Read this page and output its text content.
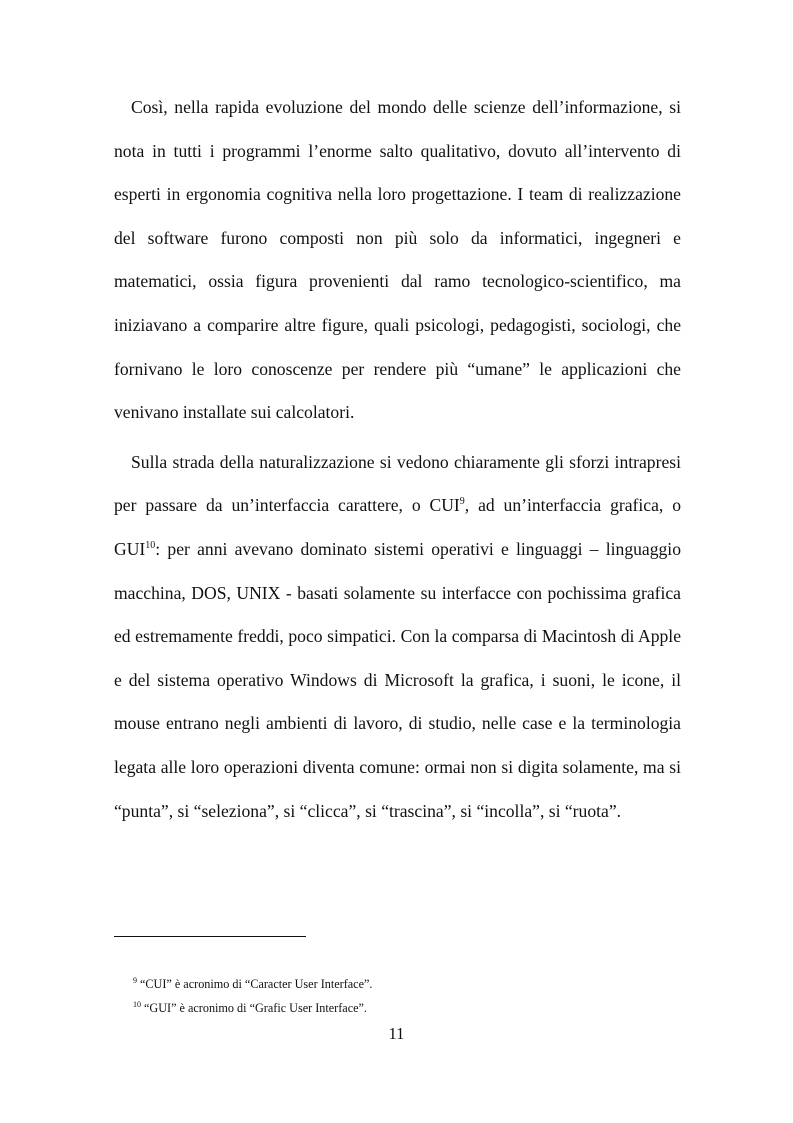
Così, nella rapida evoluzione del mondo delle scienze dell’informazione, si nota in tutti i programmi l’enorme salto qualitativo, dovuto all’intervento di esperti in ergonomia cognitiva nella loro progettazione. I team di realizzazione del software furono composti non più solo da informatici, ingegneri e matematici, ossia figura provenienti dal ramo tecnologico-scientifico, ma iniziavano a comparire altre figure, quali psicologi, pedagogisti, sociologi, che fornivano le loro conoscenze per rendere più “umane” le applicazioni che venivano installate sui calcolatori.

Sulla strada della naturalizzazione si vedono chiaramente gli sforzi intrapresi per passare da un’interfaccia carattere, o CUI$^9$, ad un’interfaccia grafica, o GUI$^{10}$: per anni avevano dominato sistemi operativi e linguaggi – linguaggio macchina, DOS, UNIX - basati solamente su interfacce con pochissima grafica ed estremamente freddi, poco simpatici. Con la comparsa di Macintosh di Apple e del sistema operativo Windows di Microsoft la grafica, i suoni, le icone, il mouse entrano negli ambienti di lavoro, di studio, nelle case e la terminologia legata alle loro operazioni diventa comune: ormai non si digita solamente, ma si “punta”, si “seleziona”, si “clicca”, si “trascina”, si “incolla”, si “ruota”.

$^9$ “CUI” è acronimo di “Caracter User Interface”.

$^{10}$ “GUI” è acronimo di “Grafic User Interface”.

11
